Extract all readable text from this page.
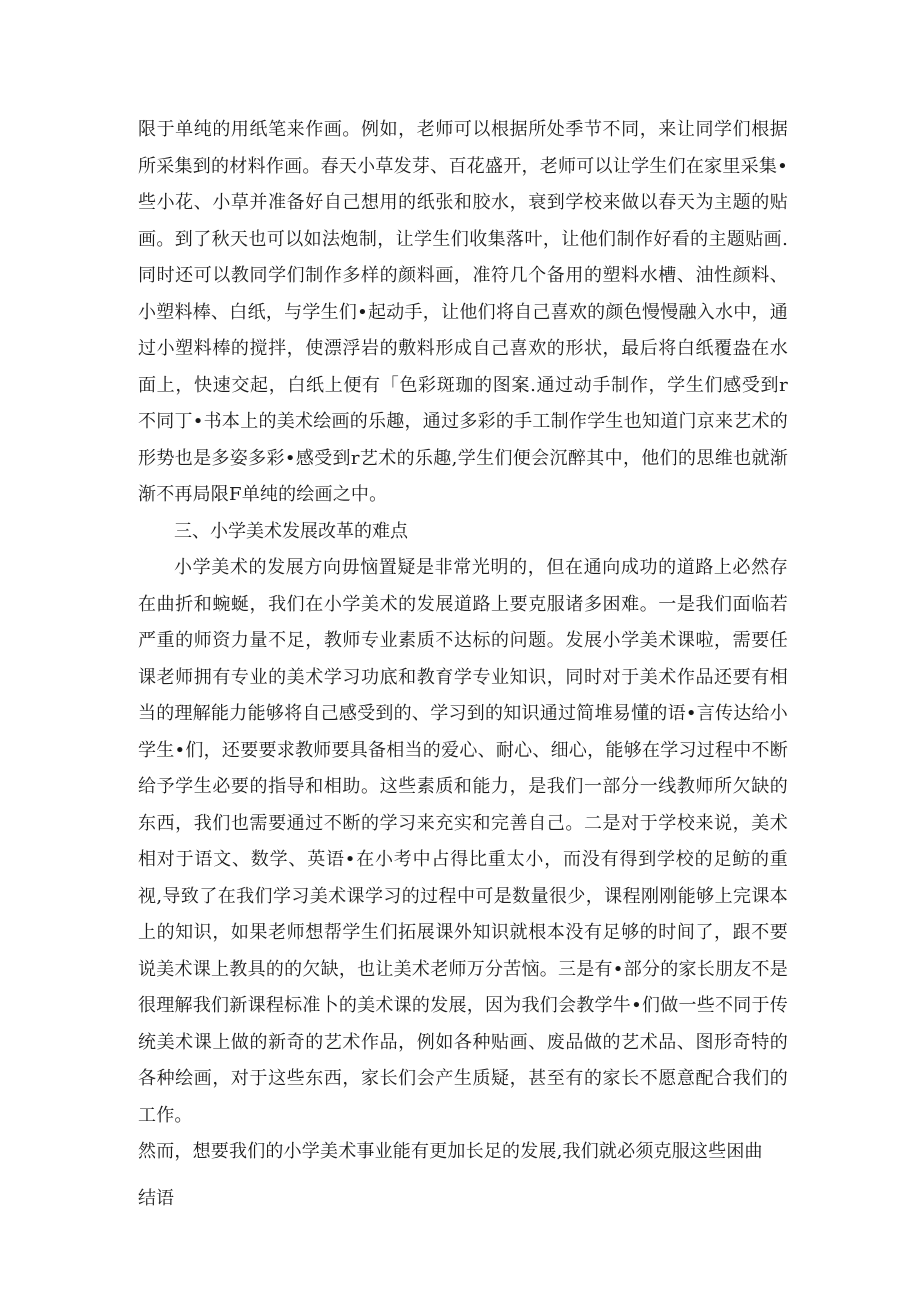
限于单纯的用纸笔来作画。例如，老师可以根据所处季节不同，来让同学们根据所采集到的材料作画。春天小草发芽、百花盛开，老师可以让学生们在家里采集•些小花、小草并准备好自己想用的纸张和胶水，衰到学校来做以春天为主题的贴画。到了秋天也可以如法炮制，让学生们收集落叶，让他们制作好看的主题贴画.同时还可以教同学们制作多样的颜料画，准符几个备用的塑料水槽、油性颜料、小塑料棒、白纸，与学生们•起动手，让他们将自己喜欢的颜色慢慢融入水中，通过小塑料棒的搅拌，使漂浮岩的敷料形成自己喜欢的形状，最后将白纸覆盎在水面上，快速交起，白纸上便有「色彩斑珈的图案.通过动手制作，学生们感受到r不同丁•书本上的美术绘画的乐趣，通过多彩的手工制作学生也知道门京来艺术的形势也是多姿多彩•感受到r艺术的乐趣,学生们便会沉醉其中，他们的思维也就渐渐不再局限F单纯的绘画之中。

三、小学美术发展改革的难点

小学美术的发展方向毋恼置疑是非常光明的，但在通向成功的道路上必然存在曲折和蜿蜒，我们在小学美术的发展道路上要克服诸多困难。一是我们面临若严重的师资力量不足，教师专业素质不达标的问题。发展小学美术课啦，需要任课老师拥有专业的美术学习功底和教育学专业知识，同时对于美术作品还要有相当的理解能力能够将自己感受到的、学习到的知识通过简堆易懂的语•言传达给小学生•们，还要要求教师要具备相当的爱心、耐心、细心，能够在学习过程中不断给予学生必要的指导和相助。这些素质和能力，是我们一部分一线教师所欠缺的东西，我们也需要通过不断的学习来充实和完善自己。二是对于学校来说，美术相对于语文、数学、英语•在小考中占得比重太小，而没有得到学校的足鲂的重视,导致了在我们学习美术课学习的过程中可是数量很少，课程刚刚能够上完课本上的知识，如果老师想帮学生们拓展课外知识就根本没有足够的时间了，跟不要说美术课上教具的的欠缺，也让美术老师万分苦恼。三是有•部分的家长朋友不是很理解我们新课程标准卜的美术课的发展，因为我们会教学牛•们做一些不同于传统美术课上做的新奇的艺术作品，例如各种贴画、废品做的艺术品、图形奇特的各种绘画，对于这些东西，家长们会产生质疑，甚至有的家长不愿意配合我们的工作。

然而，想要我们的小学美术事业能有更加长足的发展,我们就必须克服这些困曲

结语
